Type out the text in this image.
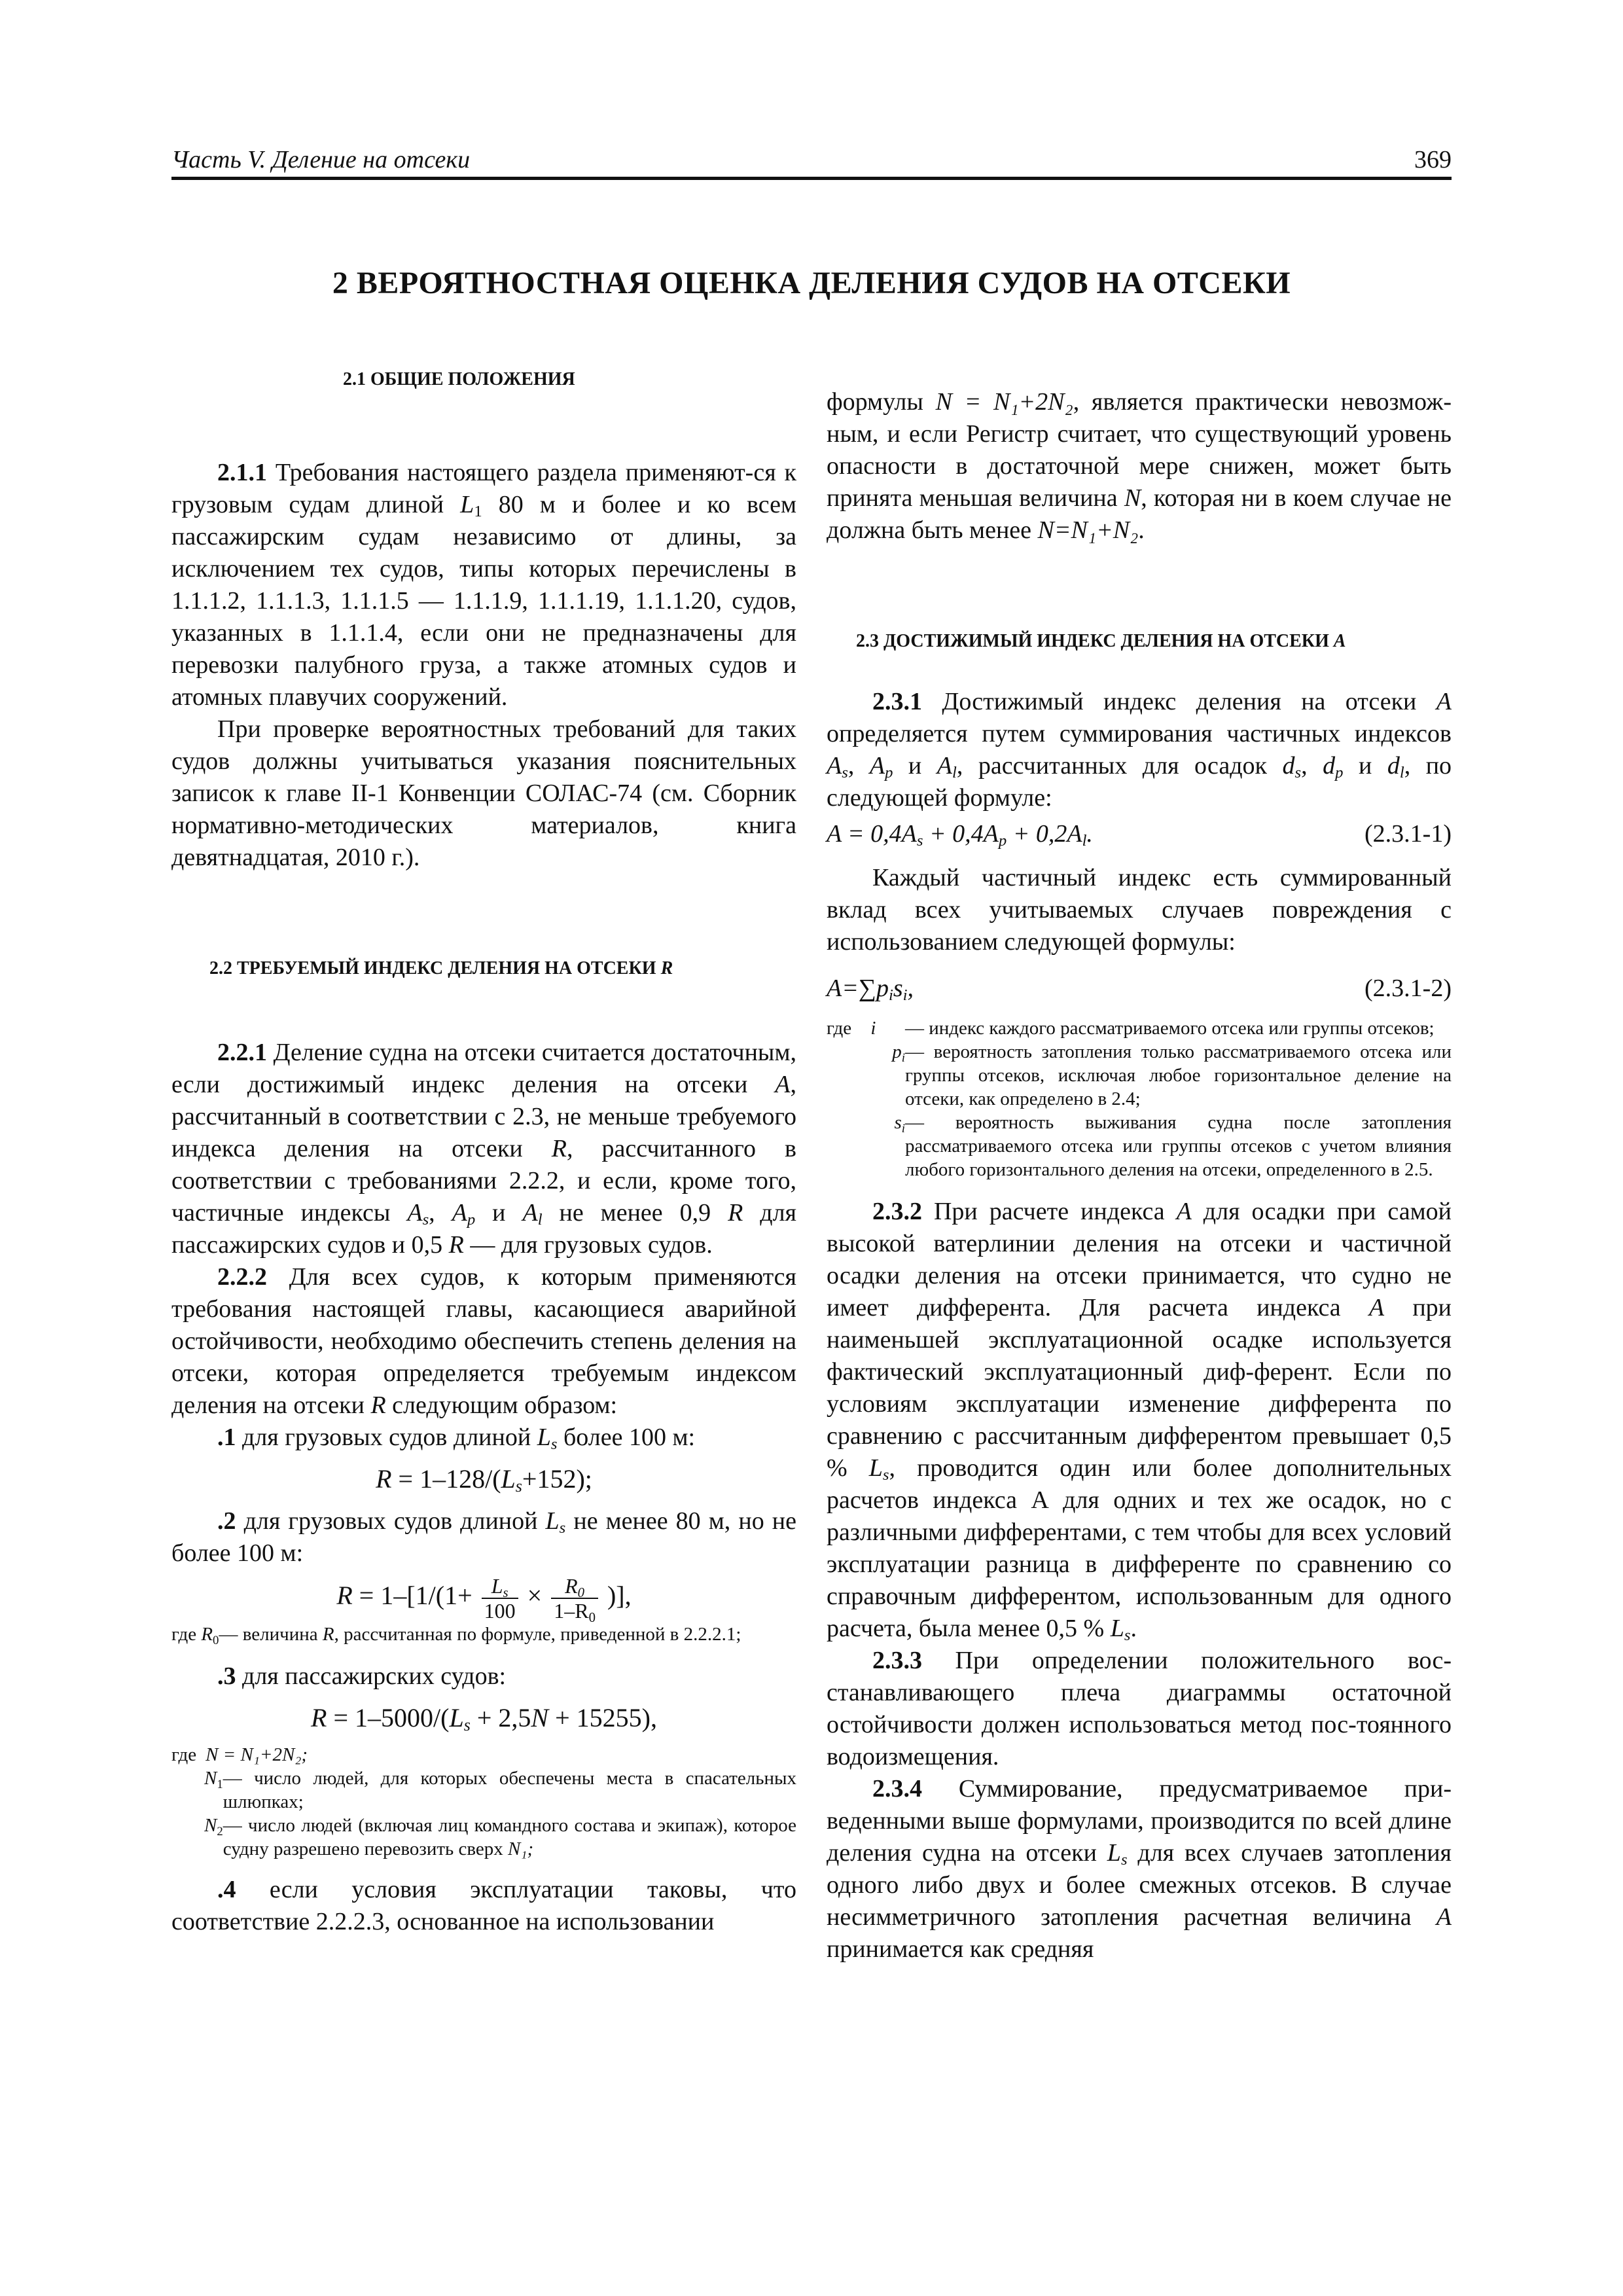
Часть V. Деление на отсеки	369
2 ВЕРОЯТНОСТНАЯ ОЦЕНКА ДЕЛЕНИЯ СУДОВ НА ОТСЕКИ

2.1 ОБЩИЕ ПОЛОЖЕНИЯ

2.1.1 Требования настоящего раздела применяют-ся к грузовым судам длиной $L_1$ 80 м и более и ко всем пассажирским судам независимо от длины, за исключением тех судов, типы которых перечислены в 1.1.1.2, 1.1.1.3, 1.1.1.5 — 1.1.1.9, 1.1.1.19, 1.1.1.20, судов, указанных в 1.1.1.4, если они не предназначены для перевозки палубного груза, а также атомных судов и атомных плавучих сооружений.

При проверке вероятностных требований для таких судов должны учитываться указания пояснительных записок к главе II-1 Конвенции СОЛАС-74 (см. Сборник нормативно-методических материалов, книга девятнадцатая, 2010 г.).

2.2 ТРЕБУЕМЫЙ ИНДЕКС ДЕЛЕНИЯ НА ОТСЕКИ R

2.2.1 Деление судна на отсеки считается достаточным, если достижимый индекс деления на отсеки A, рассчитанный в соответствии с 2.3, не меньше требуемого индекса деления на отсеки R, рассчитанного в соответствии с требованиями 2.2.2, и если, кроме того, частичные индексы $A_s$, $A_p$ и $A_l$ не менее 0,9 R для пассажирских судов и 0,5 R — для грузовых судов.

2.2.2 Для всех судов, к которым применяются требования настоящей главы, касающиеся аварийной остойчивости, необходимо обеспечить степень деления на отсеки, которая определяется требуемым индексом деления на отсеки R следующим образом:

.1 для грузовых судов длиной $L_s$ более 100 м:

$R = 1-128/(L_s+152)$;

.2 для грузовых судов длиной $L_s$ не менее 80 м, но не более 100 м:

$R = 1-[1/(1+ \frac{L_s}{100} \times \frac{R_0}{1-R_0}$ )],

где $R_0$ — величина R, рассчитанная по формуле, приведенной в 2.2.2.1;

.3 для пассажирских судов:

$R = 1-5000/(L_s + 2,5N + 15255)$,

где N = N₁+2N₂;
$N_1$ — число людей, для которых обеспечены места в спасательных шлюпках;
$N_2$ — число людей (включая лиц командного состава и экипаж), которое судну разрешено перевозить сверх N₁;

.4 если условия эксплуатации таковы, что соответствие 2.2.2.3, основанное на использовании

формулы N = N₁+2N₂, является практически невозмож-ным, и если Регистр считает, что существующий уровень опасности в достаточной мере снижен, может быть принята меньшая величина N, которая ни в коем случае не должна быть менее N=N₁+N₂.

2.3 ДОСТИЖИМЫЙ ИНДЕКС ДЕЛЕНИЯ НА ОТСЕКИ A

2.3.1 Достижимый индекс деления на отсеки A определяется путем суммирования частичных индексов $A_s$, $A_p$ и $A_l$, рассчитанных для осадок $d_s$, $d_p$ и $d_l$, по следующей формуле:

$A = 0,4A_s + 0,4A_p + 0,2A_l$.	(2.3.1-1)

Каждый частичный индекс есть суммированный вклад всех учитываемых случаев повреждения с использованием следующей формулы:

$A=\sum p_is_i$,	(2.3.1-2)
где i	— индекс каждого рассматриваемого отсека или группы отсеков;
$p_i$ — вероятность затопления только рассматриваемого отсека или группы отсеков, исключая любое горизонтальное деление на отсеки, как определено в 2.4;
$s_i$ — вероятность выживания судна после затопления рассматриваемого отсека или группы отсеков с учетом влияния любого горизонтального деления на отсеки, определенного в 2.5.

2.3.2 При расчете индекса A для осадки при самой высокой ватерлинии деления на отсеки и частичной осадки деления на отсеки принимается, что судно не имеет дифферента. Для расчета индекса A при наименьшей эксплуатационной осадке используется фактический эксплуатационный диф-ферент. Если по условиям эксплуатации изменение дифферента по сравнению с рассчитанным дифферентом превышает 0,5 % $L_s$, проводится один или более дополнительных расчетов индекса А для одних и тех же осадок, но с различными дифферентами, с тем чтобы для всех условий эксплуатации разница в дифференте по сравнению со справочным дифферентом, использованным для одного расчета, была менее 0,5 % $L_s$.

2.3.3 При определении положительного вос-станавливающего плеча диаграммы остаточной остойчивости должен использоваться метод пос-тоянного водоизмещения.

2.3.4 Суммирование, предусматриваемое при-веденными выше формулами, производится по всей длине деления судна на отсеки $L_s$ для всех случаев затопления одного либо двух и более смежных отсеков. В случае несимметричного затопления расчетная величина A принимается как средняя
